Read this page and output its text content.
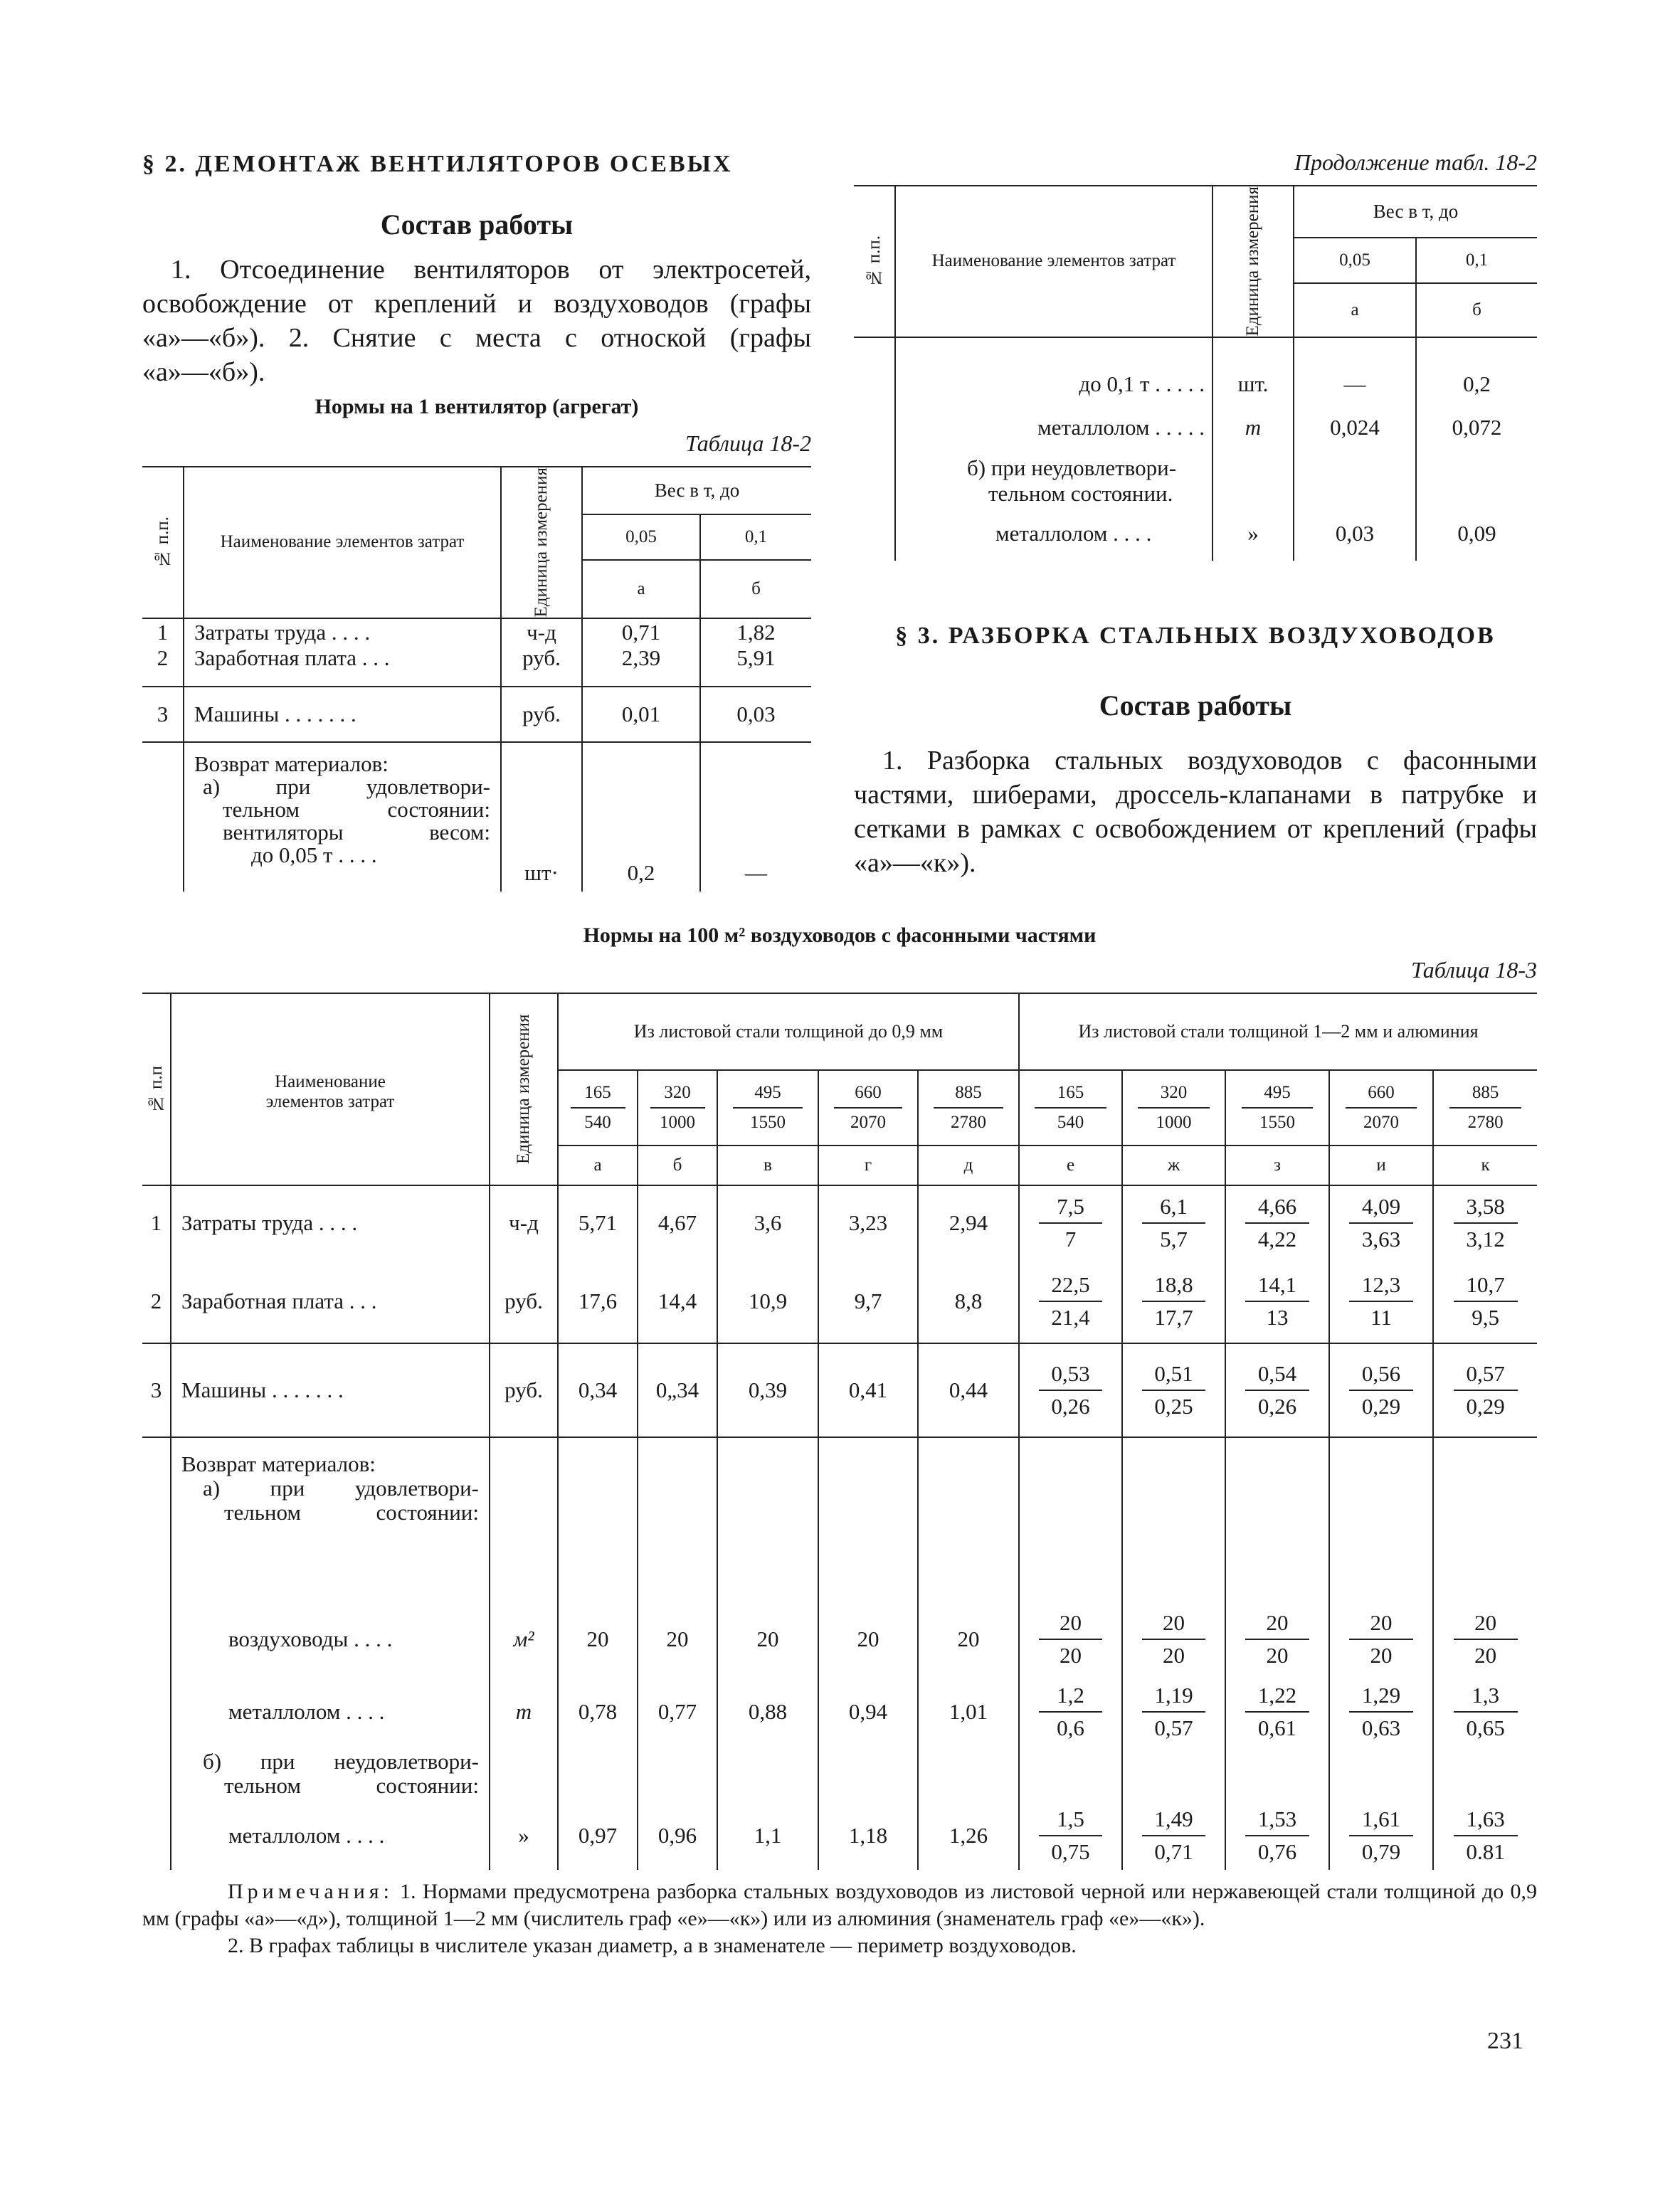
§ 2. ДЕМОНТАЖ ВЕНТИЛЯТОРОВ ОСЕВЫХ
Состав работы
1. Отсоединение вентиляторов от электросетей, освобождение от креплений и воздуховодов (графы «а»—«б»). 2. Снятие с места с отноской (графы «а»—«б»).
Нормы на 1 вентилятор (агрегат)
Таблица 18-2
№ п.п.	Наименование элементов затрат	Единица измерения	Вес в т, до	
			0,05	0,1
			а	б
1	Затраты труда . . . .	ч-д	0,71	1,82
2	Заработная плата . . .	руб.	2,39	5,91
3	Машины . . . . . . .	руб.	0,01	0,03

	Возврат материалов:
а) при удовлетвори-
тельном состоянии:
вентиляторы весом:
до 0,05 т . . . .	шт·	0,2	—
Продолжение табл. 18-2
№ п.п.	Наименование элементов затрат	Единица измерения	Вес в т, до	
			0,05	0,1
			а	б
	до 0,1 т . . . . .	шт.	—	0,2
	металлолом . . . . .	т	0,024	0,072
	б) при неудовлетвори-			
	тельном состоянии.			
	металлолом . . . .	»	0,03	0,09
§ 3. РАЗБОРКА СТАЛЬНЫХ ВОЗДУХОВОДОВ
Состав работы
1. Разборка стальных воздуховодов с фасонными частями, шиберами, дроссель-клапанами в патрубке и сетками в рамках с освобождением от креплений (графы «а»—«к»).
Нормы на 100 м² воздуховодов с фасонными частями
Таблица 18-3
№ п.п	Наименование элементов затрат	Единица измерения	Из листовой стали толщиной до 0,9 мм					Из листовой стали толщиной 1—2 мм и алюминия				

			$\frac{165}{540}$	$\frac{320}{1000}$	$\frac{495}{1550}$	$\frac{660}{2070}$	$\frac{885}{2780}$	$\frac{165}{540}$	$\frac{320}{1000}$	$\frac{495}{1550}$	$\frac{660}{2070}$	$\frac{885}{2780}$

			а	б	в	г	д	е	ж	з	и	к
1	Затраты труда . . . .	ч-д	5,71	4,67	3,6	3,23	2,94	$\frac{7,5}{7}$	$\frac{6,1}{5,7}$	$\frac{4,66}{4,22}$	$\frac{4,09}{3,63}$	$\frac{3,58}{3,12}$

2	Заработная плата . . .	руб.	17,6	14,4	10,9	9,7	8,8	$\frac{22,5}{21,4}$	$\frac{18,8}{17,7}$	$\frac{14,1}{13}$	$\frac{12,3}{11}$	$\frac{10,7}{9,5}$

3	Машины . . . . . . .	руб.	0,34	0„34	0,39	0,41	0,44	$\frac{0,53}{0,26}$	$\frac{0,51}{0,25}$	$\frac{0,54}{0,26}$	$\frac{0,56}{0,29}$	$\frac{0,57}{0,29}$

	Возврат материалов:
а) при удовлетвори-
тельном состоянии:											

	воздуховоды . . . .	м²	20	20	20	20	20	$\frac{20}{20}$	$\frac{20}{20}$	$\frac{20}{20}$	$\frac{20}{20}$	$\frac{20}{20}$

	металлолом . . . .	т	0,78	0,77	0,88	0,94	1,01	$\frac{1,2}{0,6}$	$\frac{1,19}{0,57}$	$\frac{1,22}{0,61}$	$\frac{1,29}{0,63}$	$\frac{1,3}{0,65}$

	б) при неудовлетвори-
тельном состоянии:											

	металлолом . . . .	»	0,97	0,96	1,1	1,18	1,26	$\frac{1,5}{0,75}$	$\frac{1,49}{0,71}$	$\frac{1,53}{0,76}$	$\frac{1,61}{0,79}$	$\frac{1,63}{0.81}$
Примечания: 1. Нормами предусмотрена разборка стальных воздуховодов из листовой черной или нержавеющей стали толщиной до 0,9 мм (графы «а»—«д»), толщиной 1—2 мм (числитель граф «е»—«к») или из алюминия (знаменатель граф «е»—«к»).
2. В графах таблицы в числителе указан диаметр, а в знаменателе — периметр воздуховодов.
231
